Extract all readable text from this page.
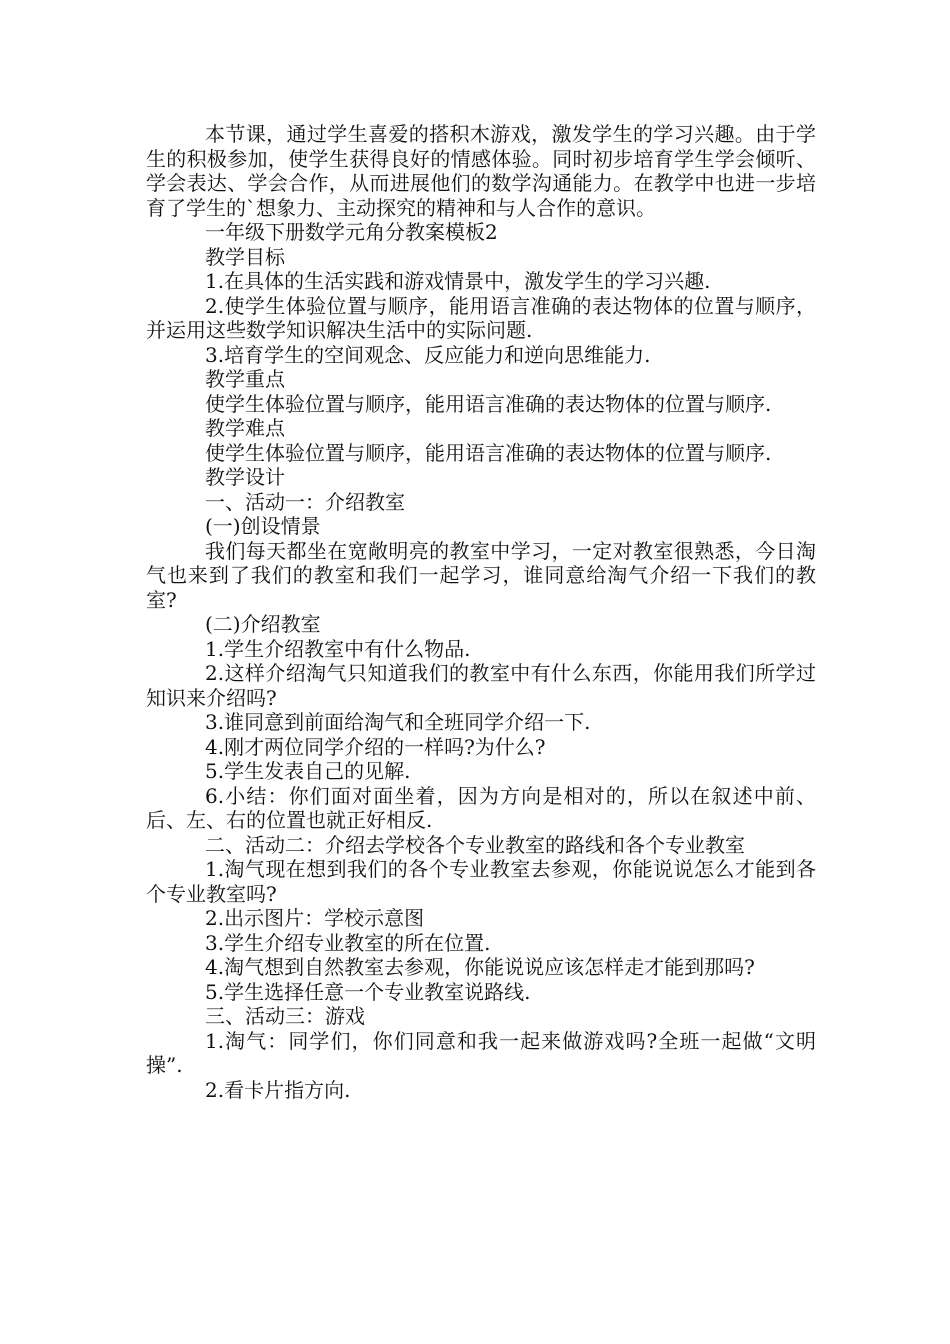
本节课，通过学生喜爱的搭积木游戏，激发学生的学习兴趣。由于学生的积极参加，使学生获得良好的情感体验。同时初步培育学生学会倾听、学会表达、学会合作，从而进展他们的数学沟通能力。在教学中也进一步培育了学生的`想象力、主动探究的精神和与人合作的意识。

一年级下册数学元角分教案模板2

教学目标

1.在具体的生活实践和游戏情景中，激发学生的学习兴趣.

2.使学生体验位置与顺序，能用语言准确的表达物体的位置与顺序，并运用这些数学知识解决生活中的实际问题.

3.培育学生的空间观念、反应能力和逆向思维能力.

教学重点

使学生体验位置与顺序，能用语言准确的表达物体的位置与顺序.

教学难点

使学生体验位置与顺序，能用语言准确的表达物体的位置与顺序.

教学设计

一、活动一：介绍教室

(一)创设情景

我们每天都坐在宽敞明亮的教室中学习，一定对教室很熟悉，今日淘气也来到了我们的教室和我们一起学习，谁同意给淘气介绍一下我们的教室?

(二)介绍教室

1.学生介绍教室中有什么物品.

2.这样介绍淘气只知道我们的教室中有什么东西，你能用我们所学过知识来介绍吗?

3.谁同意到前面给淘气和全班同学介绍一下.

4.刚才两位同学介绍的一样吗?为什么?

5.学生发表自己的见解.

6.小结：你们面对面坐着，因为方向是相对的，所以在叙述中前、后、左、右的位置也就正好相反.

二、活动二：介绍去学校各个专业教室的路线和各个专业教室

1.淘气现在想到我们的各个专业教室去参观，你能说说怎么才能到各个专业教室吗?

2.出示图片：学校示意图

3.学生介绍专业教室的所在位置.

4.淘气想到自然教室去参观，你能说说应该怎样走才能到那吗?

5.学生选择任意一个专业教室说路线.

三、活动三：游戏

1.淘气：同学们，你们同意和我一起来做游戏吗?全班一起做“文明操”.

2.看卡片指方向.
